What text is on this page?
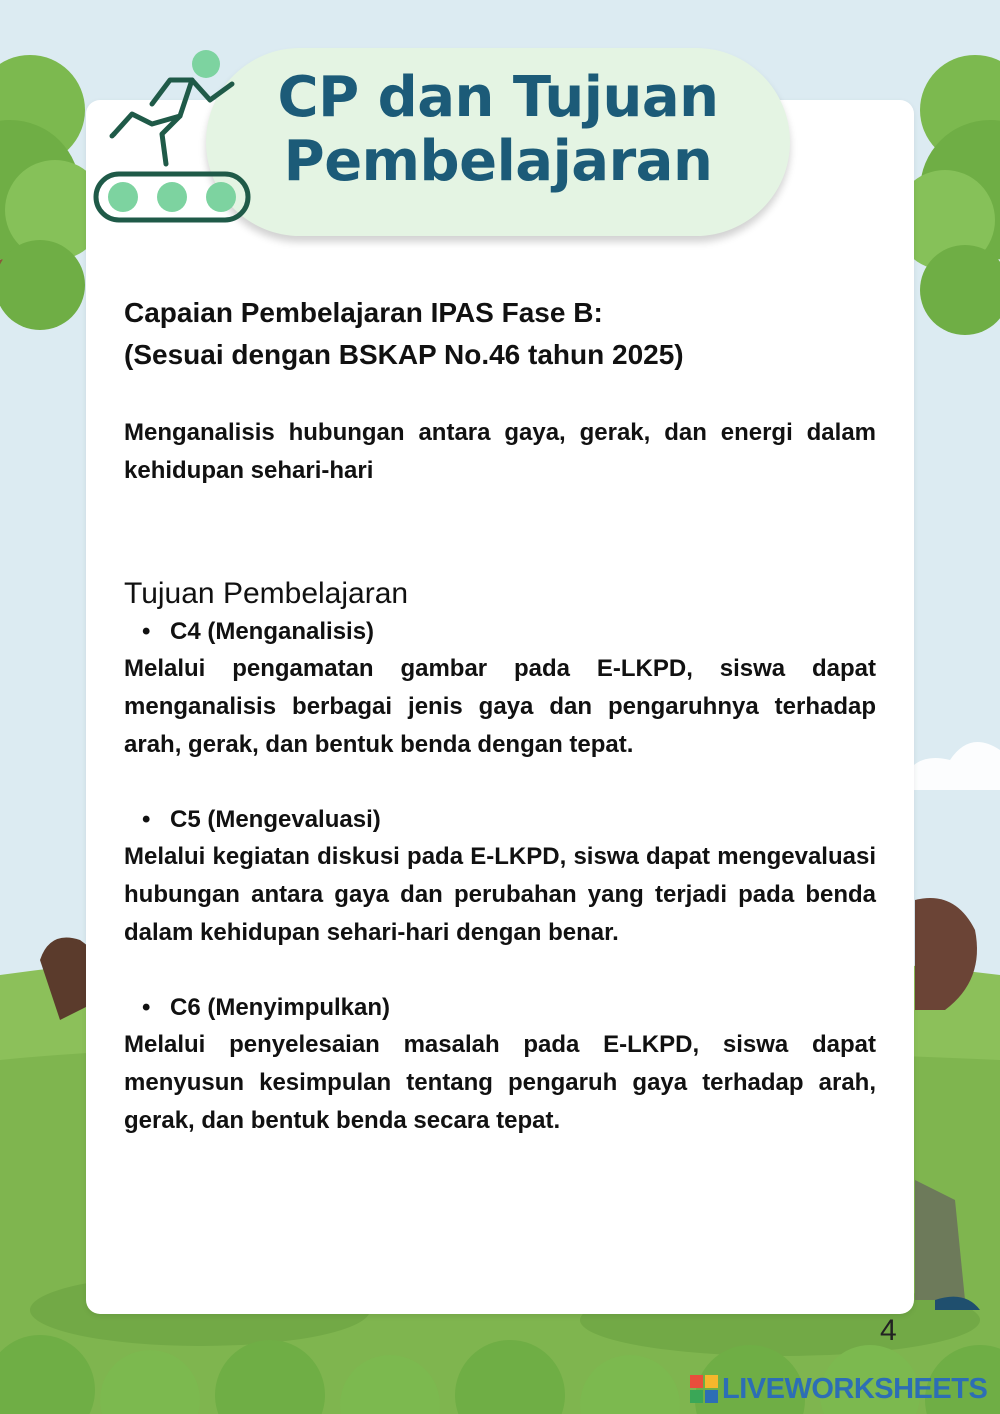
CP dan Tujuan
Pembelajaran
Capaian Pembelajaran IPAS Fase B:
(Sesuai dengan BSKAP No.46 tahun 2025)

Menganalisis hubungan antara gaya, gerak, dan energi dalam kehidupan sehari-hari

Tujuan Pembelajaran

• C4 (Menganalisis)

Melalui pengamatan gambar pada E-LKPD, siswa dapat menganalisis berbagai jenis gaya dan pengaruhnya terhadap arah, gerak, dan bentuk benda dengan tepat.

• C5 (Mengevaluasi)

Melalui kegiatan diskusi pada E-LKPD, siswa dapat mengevaluasi hubungan antara gaya dan perubahan yang terjadi pada benda dalam kehidupan sehari-hari dengan benar.

• C6 (Menyimpulkan)

Melalui penyelesaian masalah pada E-LKPD, siswa dapat menyusun kesimpulan tentang pengaruh gaya terhadap arah, gerak, dan bentuk benda secara tepat.

4
LIVEWORKSHEETS
